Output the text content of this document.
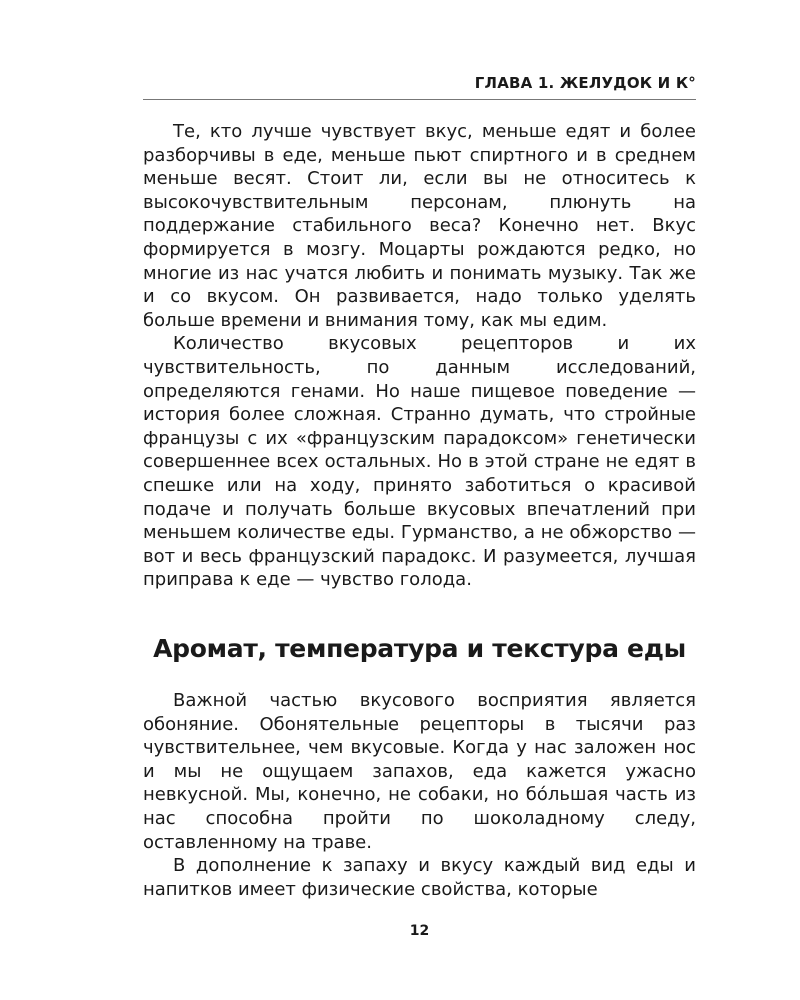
ГЛАВА 1. ЖЕЛУДОК И К°

Те, кто лучше чувствует вкус, меньше едят и более разборчивы в еде, меньше пьют спиртного и в среднем меньше весят. Стоит ли, если вы не относитесь к высокочувствительным персонам, плюнуть на поддержание стабильного веса? Конечно нет. Вкус формируется в мозгу. Моцарты рождаются редко, но многие из нас учатся любить и понимать музыку. Так же и со вкусом. Он развивается, надо только уделять больше времени и внимания тому, как мы едим.

Количество вкусовых рецепторов и их чувствительность, по данным исследований, определяются генами. Но наше пищевое поведение — история более сложная. Странно думать, что стройные французы с их «французским парадоксом» генетически совершеннее всех остальных. Но в этой стране не едят в спешке или на ходу, принято заботиться о красивой подаче и получать больше вкусовых впечатлений при меньшем количестве еды. Гурманство, а не обжорство — вот и весь французский парадокс. И разумеется, лучшая приправа к еде — чувство голода.

Аромат, температура и текстура еды

Важной частью вкусового восприятия является обоняние. Обонятельные рецепторы в тысячи раз чувствительнее, чем вкусовые. Когда у нас заложен нос и мы не ощущаем запахов, еда кажется ужасно невкусной. Мы, конечно, не собаки, но бóльшая часть из нас способна пройти по шоколадному следу, оставленному на траве.

В дополнение к запаху и вкусу каждый вид еды и напитков имеет физические свойства, которые

12
